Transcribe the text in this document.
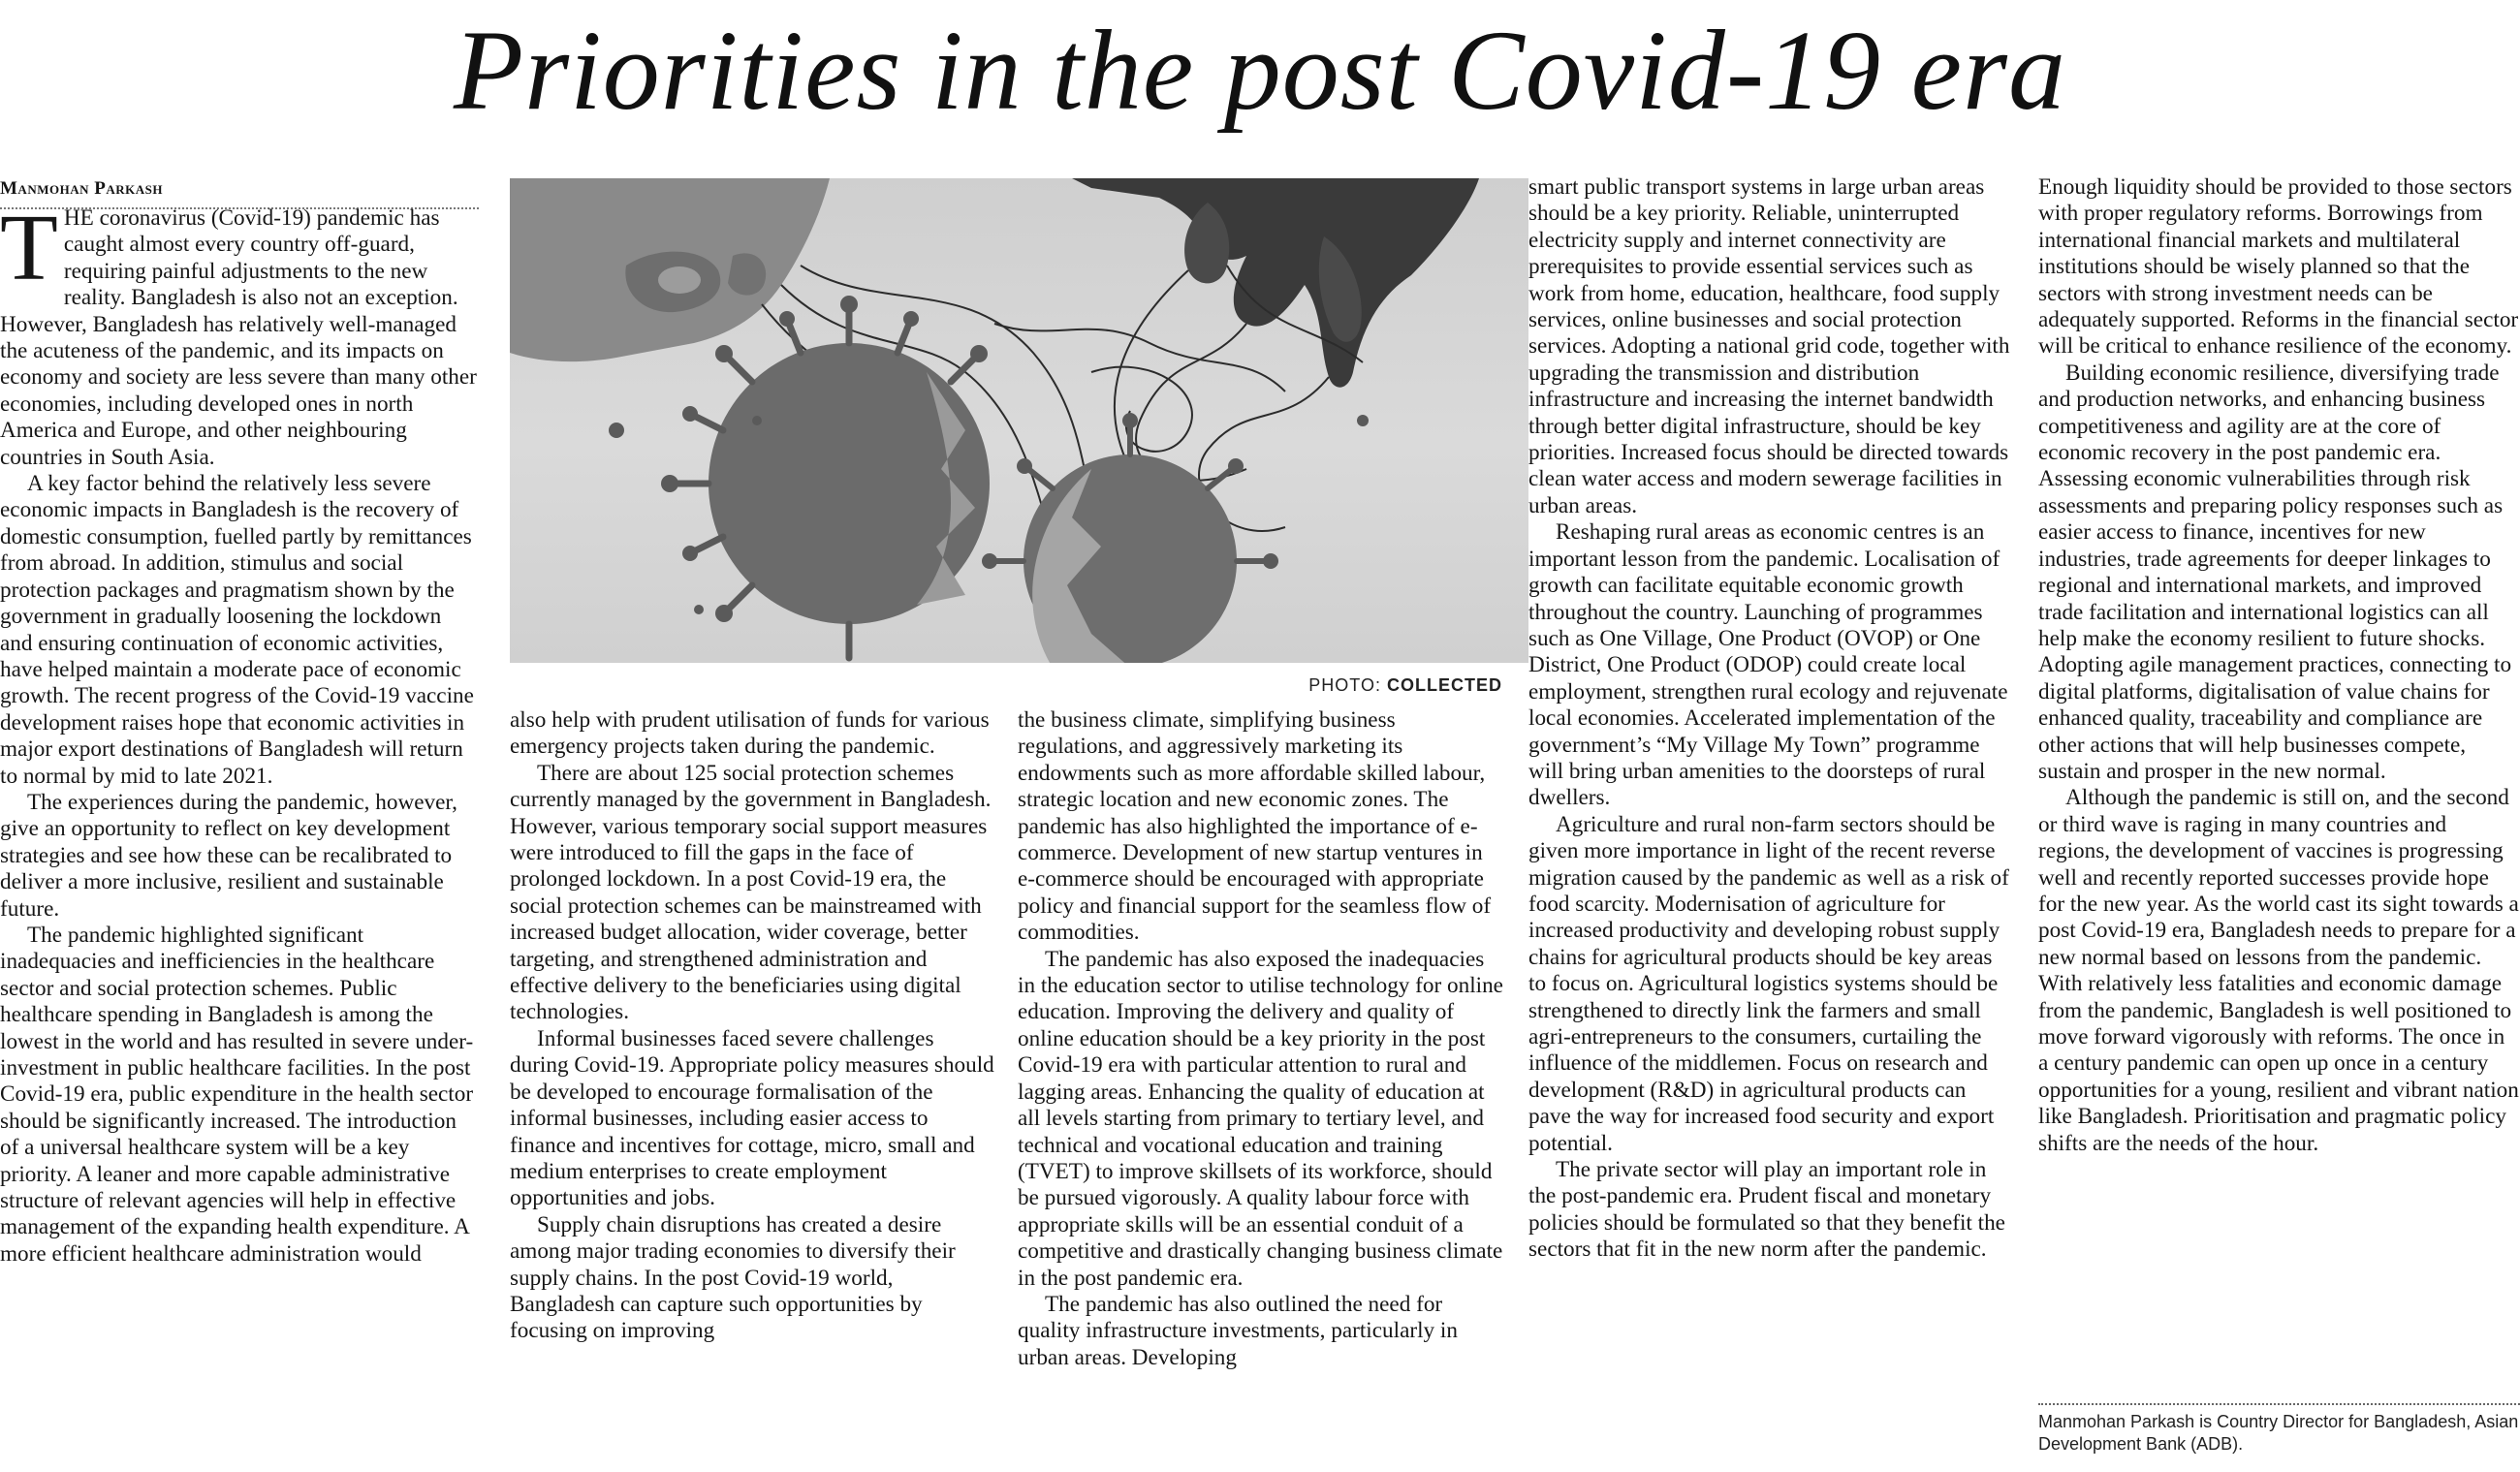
Priorities in the post Covid-19 era
Manmohan Parkash

THE coronavirus (Covid-19) pandemic has caught almost every country off-guard, requiring painful adjustments to the new reality. Bangladesh is also not an exception. However, Bangladesh has relatively well-managed the acuteness of the pandemic, and its impacts on economy and society are less severe than many other economies, including developed ones in north America and Europe, and other neighbouring countries in South Asia.

A key factor behind the relatively less severe economic impacts in Bangladesh is the recovery of domestic consumption, fuelled partly by remittances from abroad. In addition, stimulus and social protection packages and pragmatism shown by the government in gradually loosening the lockdown and ensuring continuation of economic activities, have helped maintain a moderate pace of economic growth. The recent progress of the Covid-19 vaccine development raises hope that economic activities in major export destinations of Bangladesh will return to normal by mid to late 2021.

The experiences during the pandemic, however, give an opportunity to reflect on key development strategies and see how these can be recalibrated to deliver a more inclusive, resilient and sustainable future.

The pandemic highlighted significant inadequacies and inefficiencies in the healthcare sector and social protection schemes. Public healthcare spending in Bangladesh is among the lowest in the world and has resulted in severe under-investment in public healthcare facilities. In the post Covid-19 era, public expenditure in the health sector should be significantly increased. The introduction of a universal healthcare system will be a key priority. A leaner and more capable administrative structure of relevant agencies will help in effective management of the expanding health expenditure. A more efficient healthcare administration would

PHOTO: COLLECTED

also help with prudent utilisation of funds for various emergency projects taken during the pandemic.

There are about 125 social protection schemes currently managed by the government in Bangladesh. However, various temporary social support measures were introduced to fill the gaps in the face of prolonged lockdown. In a post Covid-19 era, the social protection schemes can be mainstreamed with increased budget allocation, wider coverage, better targeting, and strengthened administration and effective delivery to the beneficiaries using digital technologies.

Informal businesses faced severe challenges during Covid-19. Appropriate policy measures should be developed to encourage formalisation of the informal businesses, including easier access to finance and incentives for cottage, micro, small and medium enterprises to create employment opportunities and jobs.

Supply chain disruptions has created a desire among major trading economies to diversify their supply chains. In the post Covid-19 world, Bangladesh can capture such opportunities by focusing on improving

the business climate, simplifying business regulations, and aggressively marketing its endowments such as more affordable skilled labour, strategic location and new economic zones. The pandemic has also highlighted the importance of e-commerce. Development of new startup ventures in e-commerce should be encouraged with appropriate policy and financial support for the seamless flow of commodities.

The pandemic has also exposed the inadequacies in the education sector to utilise technology for online education. Improving the delivery and quality of online education should be a key priority in the post Covid-19 era with particular attention to rural and lagging areas. Enhancing the quality of education at all levels starting from primary to tertiary level, and technical and vocational education and training (TVET) to improve skillsets of its workforce, should be pursued vigorously. A quality labour force with appropriate skills will be an essential conduit of a competitive and drastically changing business climate in the post pandemic era.

The pandemic has also outlined the need for quality infrastructure investments, particularly in urban areas. Developing

smart public transport systems in large urban areas should be a key priority. Reliable, uninterrupted electricity supply and internet connectivity are prerequisites to provide essential services such as work from home, education, healthcare, food supply services, online businesses and social protection services. Adopting a national grid code, together with upgrading the transmission and distribution infrastructure and increasing the internet bandwidth through better digital infrastructure, should be key priorities. Increased focus should be directed towards clean water access and modern sewerage facilities in urban areas.

Reshaping rural areas as economic centres is an important lesson from the pandemic. Localisation of growth can facilitate equitable economic growth throughout the country. Launching of programmes such as One Village, One Product (OVOP) or One District, One Product (ODOP) could create local employment, strengthen rural ecology and rejuvenate local economies. Accelerated implementation of the government’s “My Village My Town” programme will bring urban amenities to the doorsteps of rural dwellers.

Agriculture and rural non-farm sectors should be given more importance in light of the recent reverse migration caused by the pandemic as well as a risk of food scarcity. Modernisation of agriculture for increased productivity and developing robust supply chains for agricultural products should be key areas to focus on. Agricultural logistics systems should be strengthened to directly link the farmers and small agri-entrepreneurs to the consumers, curtailing the influence of the middlemen. Focus on research and development (R&D) in agricultural products can pave the way for increased food security and export potential.

The private sector will play an important role in the post-pandemic era. Prudent fiscal and monetary policies should be formulated so that they benefit the sectors that fit in the new norm after the pandemic.

Enough liquidity should be provided to those sectors with proper regulatory reforms. Borrowings from international financial markets and multilateral institutions should be wisely planned so that the sectors with strong investment needs can be adequately supported. Reforms in the financial sector will be critical to enhance resilience of the economy.

Building economic resilience, diversifying trade and production networks, and enhancing business competitiveness and agility are at the core of economic recovery in the post pandemic era. Assessing economic vulnerabilities through risk assessments and preparing policy responses such as easier access to finance, incentives for new industries, trade agreements for deeper linkages to regional and international markets, and improved trade facilitation and international logistics can all help make the economy resilient to future shocks. Adopting agile management practices, connecting to digital platforms, digitalisation of value chains for enhanced quality, traceability and compliance are other actions that will help businesses compete, sustain and prosper in the new normal.

Although the pandemic is still on, and the second or third wave is raging in many countries and regions, the development of vaccines is progressing well and recently reported successes provide hope for the new year. As the world cast its sight towards a post Covid-19 era, Bangladesh needs to prepare for a new normal based on lessons from the pandemic. With relatively less fatalities and economic damage from the pandemic, Bangladesh is well positioned to move forward vigorously with reforms. The once in a century pandemic can open up once in a century opportunities for a young, resilient and vibrant nation like Bangladesh. Prioritisation and pragmatic policy shifts are the needs of the hour.

Manmohan Parkash is Country Director for Bangladesh, Asian Development Bank (ADB).
